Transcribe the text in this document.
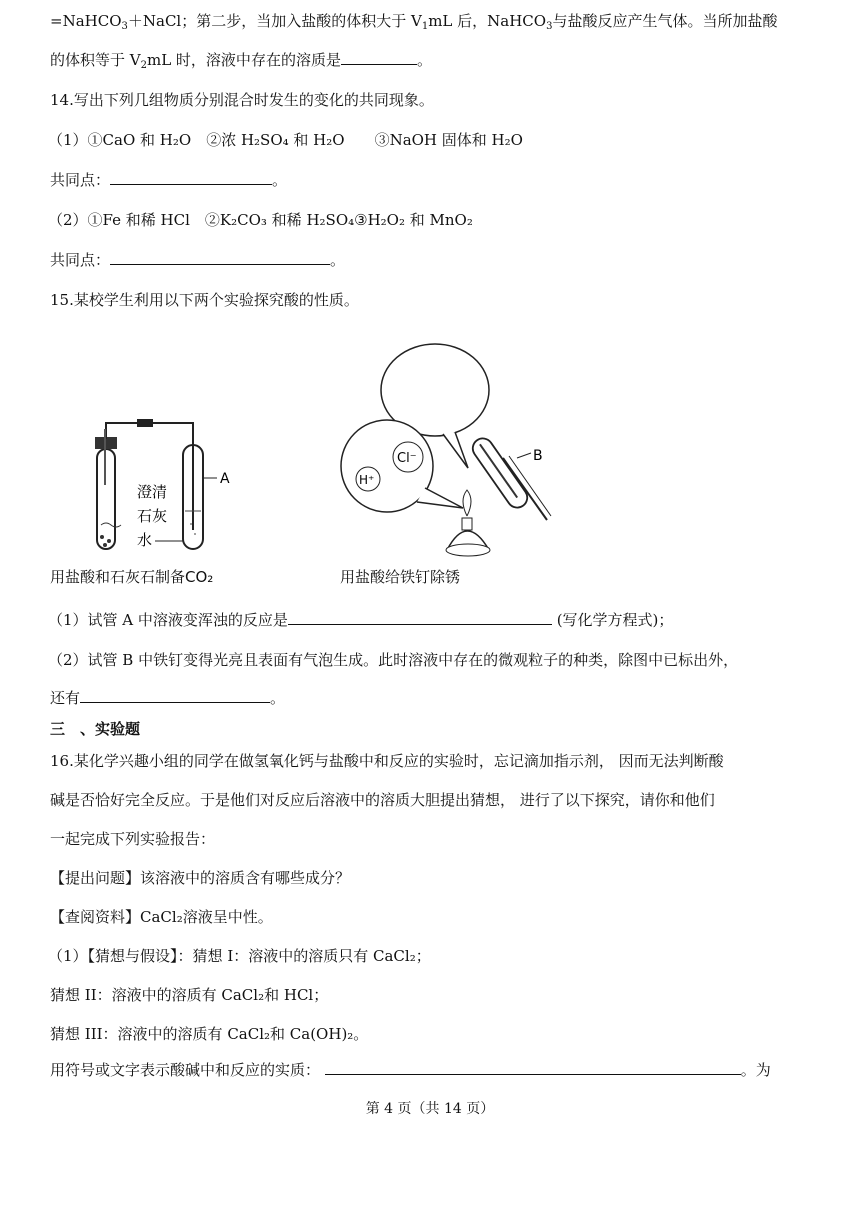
=NaHCO$_3$＋NaCl；第二步，当加入盐酸的体积大于 $V_1mL$ 后，NaHCO$_3$与盐酸反应产生气体。当所加盐酸
的体积等于 $V_2mL$ 时，溶液中存在的溶质是	。
14.写出下列几组物质分别混合时发生的变化的共同现象。
（1）①CaO 和 H₂O　②浓 H₂SO₄ 和 H₂O　　③NaOH 固体和 H₂O
共同点：	。
（2）①Fe 和稀 HCl　②K₂CO₃ 和稀 H₂SO₄③H₂O₂ 和 MnO₂
共同点：	。
15.某校学生利用以下两个实验探究酸的性质。
A
澄清
石灰
水
用盐酸和石灰石制备CO₂
Cl⁻
H⁺
B
用盐酸给铁钉除锈
（1）试管 A 中溶液变浑浊的反应是	(写化学方程式)；
（2）试管 B 中铁钉变得光亮且表面有气泡生成。此时溶液中存在的微观粒子的种类，除图中已标出外，
还有	。
三　、实验题
16.某化学兴趣小组的同学在做氢氧化钙与盐酸中和反应的实验时，忘记滴加指示剂， 因而无法判断酸
碱是否恰好完全反应。于是他们对反应后溶液中的溶质大胆提出猜想， 进行了以下探究，请你和他们
一起完成下列实验报告：
【提出问题】该溶液中的溶质含有哪些成分？
【查阅资料】CaCl₂溶液呈中性。
（1）【猜想与假设】：猜想 I：溶液中的溶质只有 CaCl₂；
猜想 II：溶液中的溶质有 CaCl₂和 HCl；
猜想 III：溶液中的溶质有 CaCl₂和 Ca(OH)₂。
用符号或文字表示酸碱中和反应的实质：	。为
第 4 页（共 14 页）
